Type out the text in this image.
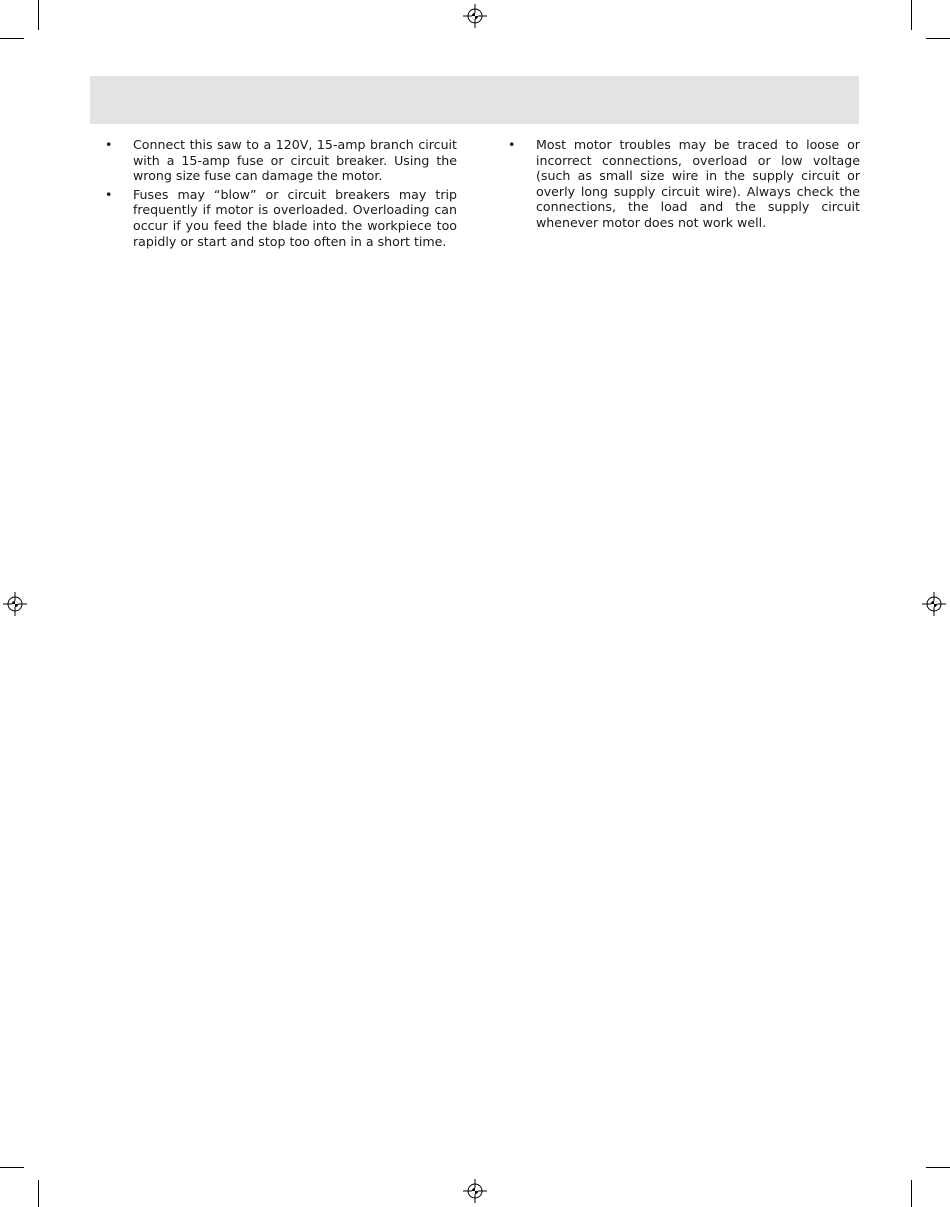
• Connect this saw to a 120V, 15-amp branch circuit with a 15-amp fuse or circuit breaker. Using the wrong size fuse can damage the motor.
• Fuses may “blow” or circuit breakers may trip frequently if motor is overloaded. Overloading can occur if you feed the blade into the workpiece too rapidly or start and stop too often in a short time.
• Most motor troubles may be traced to loose or incorrect connections, overload or low voltage (such as small size wire in the supply circuit or overly long supply circuit wire). Always check the connections, the load and the supply circuit whenever motor does not work well.
